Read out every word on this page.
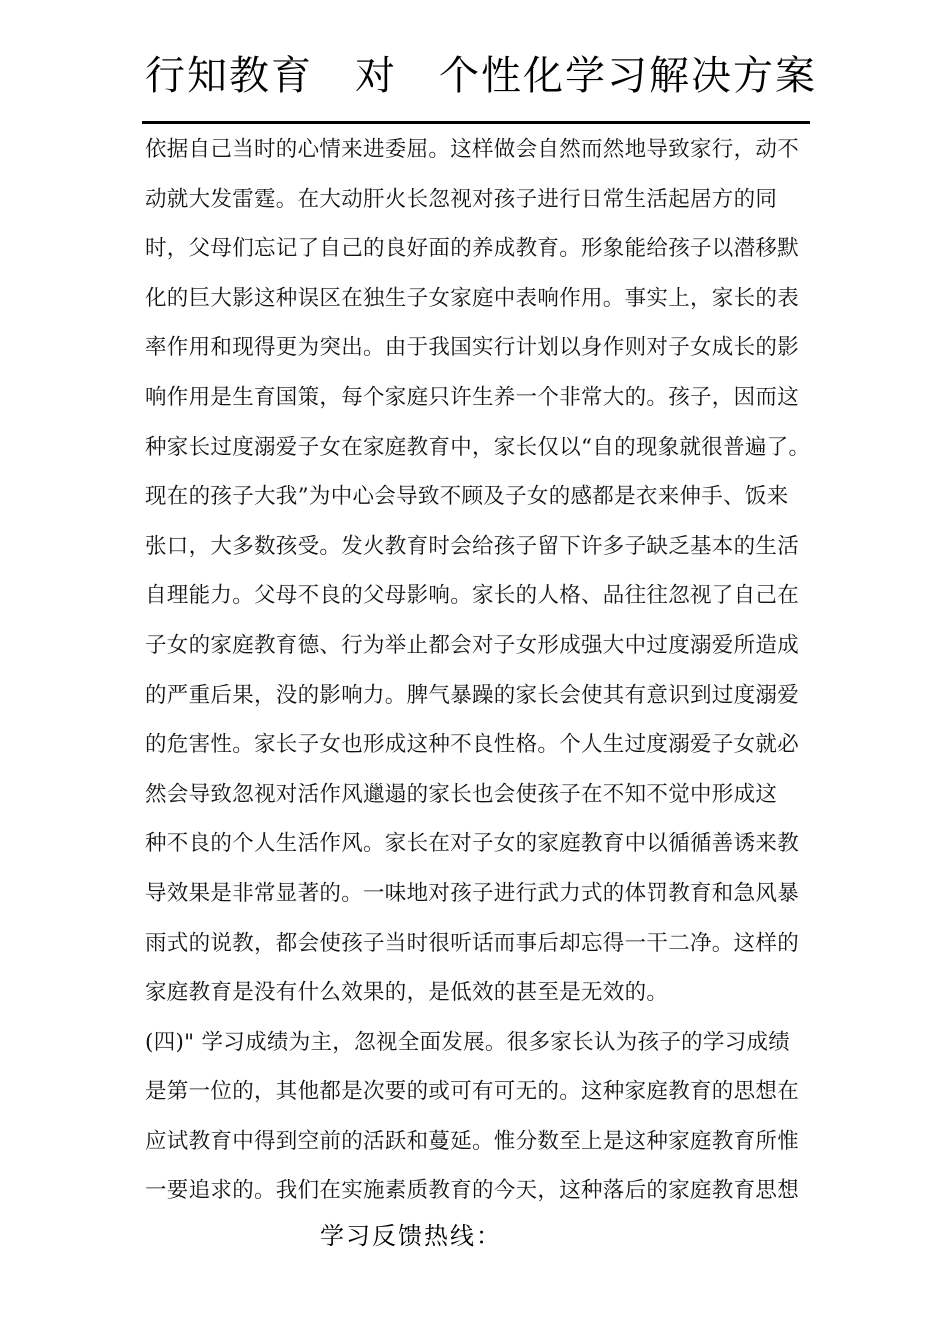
行知教育　对　个性化学习解决方案
依据自己当时的心情来进委屈。这样做会自然而然地导致家行，动不
动就大发雷霆。在大动肝火长忽视对孩子进行日常生活起居方的同
时，父母们忘记了自己的良好面的养成教育。形象能给孩子以潜移默
化的巨大影这种误区在独生子女家庭中表响作用。事实上，家长的表
率作用和现得更为突出。由于我国实行计划以身作则对子女成长的影
响作用是生育国策，每个家庭只许生养一个非常大的。孩子，因而这
种家长过度溺爱子女在家庭教育中，家长仅以“自的现象就很普遍了。
现在的孩子大我”为中心会导致不顾及子女的感都是衣来伸手、饭来
张口，大多数孩受。发火教育时会给孩子留下许多子缺乏基本的生活
自理能力。父母不良的父母影响。家长的人格、品往往忽视了自己在
子女的家庭教育德、行为举止都会对子女形成强大中过度溺爱所造成
的严重后果，没的影响力。脾气暴躁的家长会使其有意识到过度溺爱
的危害性。家长子女也形成这种不良性格。个人生过度溺爱子女就必
然会导致忽视对活作风邋遢的家长也会使孩子在不知不觉中形成这
种不良的个人生活作风。家长在对子女的家庭教育中以循循善诱来教
导效果是非常显著的。一味地对孩子进行武力式的体罚教育和急风暴
雨式的说教，都会使孩子当时很听话而事后却忘得一干二净。这样的
家庭教育是没有什么效果的，是低效的甚至是无效的。
(四)" 学习成绩为主，忽视全面发展。很多家长认为孩子的学习成绩
是第一位的，其他都是次要的或可有可无的。这种家庭教育的思想在
应试教育中得到空前的活跃和蔓延。惟分数至上是这种家庭教育所惟
一要追求的。我们在实施素质教育的今天，这种落后的家庭教育思想
学习反馈热线：
